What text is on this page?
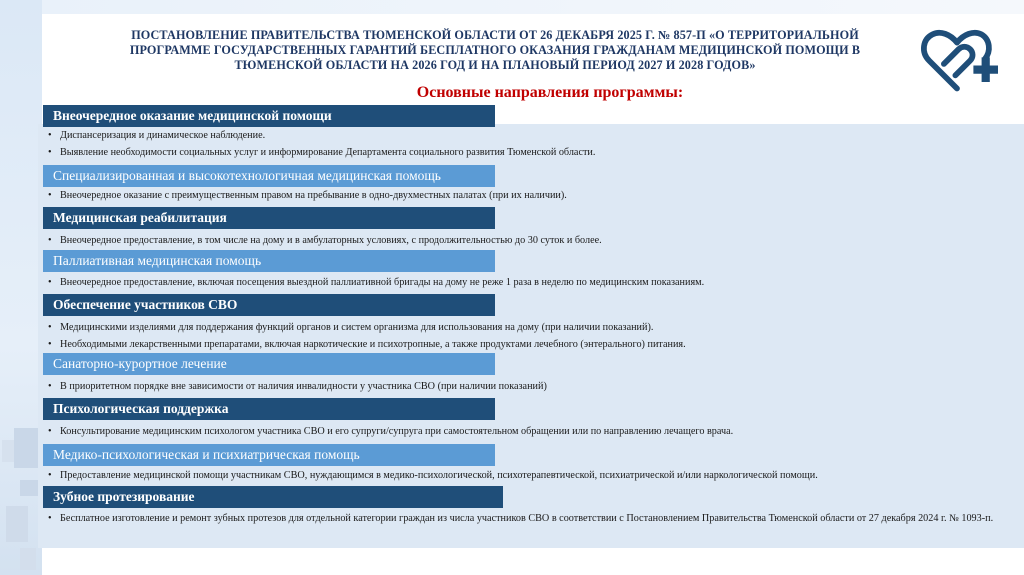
ПОСТАНОВЛЕНИЕ ПРАВИТЕЛЬСТВА ТЮМЕНСКОЙ ОБЛАСТИ ОТ 26 ДЕКАБРЯ 2025 Г. № 857-П «О ТЕРРИТОРИАЛЬНОЙ ПРОГРАММЕ ГОСУДАРСТВЕННЫХ ГАРАНТИЙ БЕСПЛАТНОГО ОКАЗАНИЯ ГРАЖДАНАМ МЕДИЦИНСКОЙ ПОМОЩИ В ТЮМЕНСКОЙ ОБЛАСТИ НА 2026 ГОД И НА ПЛАНОВЫЙ ПЕРИОД 2027 И 2028 ГОДОВ»
Основные направления программы:
Внеочередное оказание медицинской помощи
• Диспансеризация и динамическое наблюдение.
• Выявление необходимости социальных услуг и информирование Департамента социального развития Тюменской области.
Специализированная и высокотехнологичная медицинская помощь
• Внеочередное оказание с преимущественным правом на пребывание в одно-двухместных палатах (при их наличии).
Медицинская реабилитация
• Внеочередное предоставление, в том числе на дому и в амбулаторных условиях, с продолжительностью до 30 суток и более.
Паллиативная медицинская помощь
• Внеочередное предоставление, включая посещения выездной паллиативной бригады на дому не реже 1 раза в неделю по медицинским показаниям.
Обеспечение участников СВО
• Медицинскими изделиями для поддержания функций органов и систем организма для использования на дому (при наличии показаний).
• Необходимыми лекарственными препаратами, включая наркотические и психотропные, а также продуктами лечебного (энтерального) питания.
Санаторно-курортное лечение
• В приоритетном порядке вне зависимости от наличия инвалидности у участника СВО (при наличии показаний)
Психологическая поддержка
• Консультирование медицинским психологом участника СВО и его супруги/супруга при самостоятельном обращении или по направлению лечащего врача.
Медико-психологическая и психиатрическая помощь
• Предоставление медицинской помощи участникам СВО, нуждающимся в медико-психологической, психотерапевтической, психиатрической и/или наркологической помощи.
Зубное протезирование
• Бесплатное изготовление и ремонт зубных протезов для отдельной категории граждан из числа участников СВО в соответствии с Постановлением Правительства Тюменской области от 27 декабря 2024 г. № 1093-п.
